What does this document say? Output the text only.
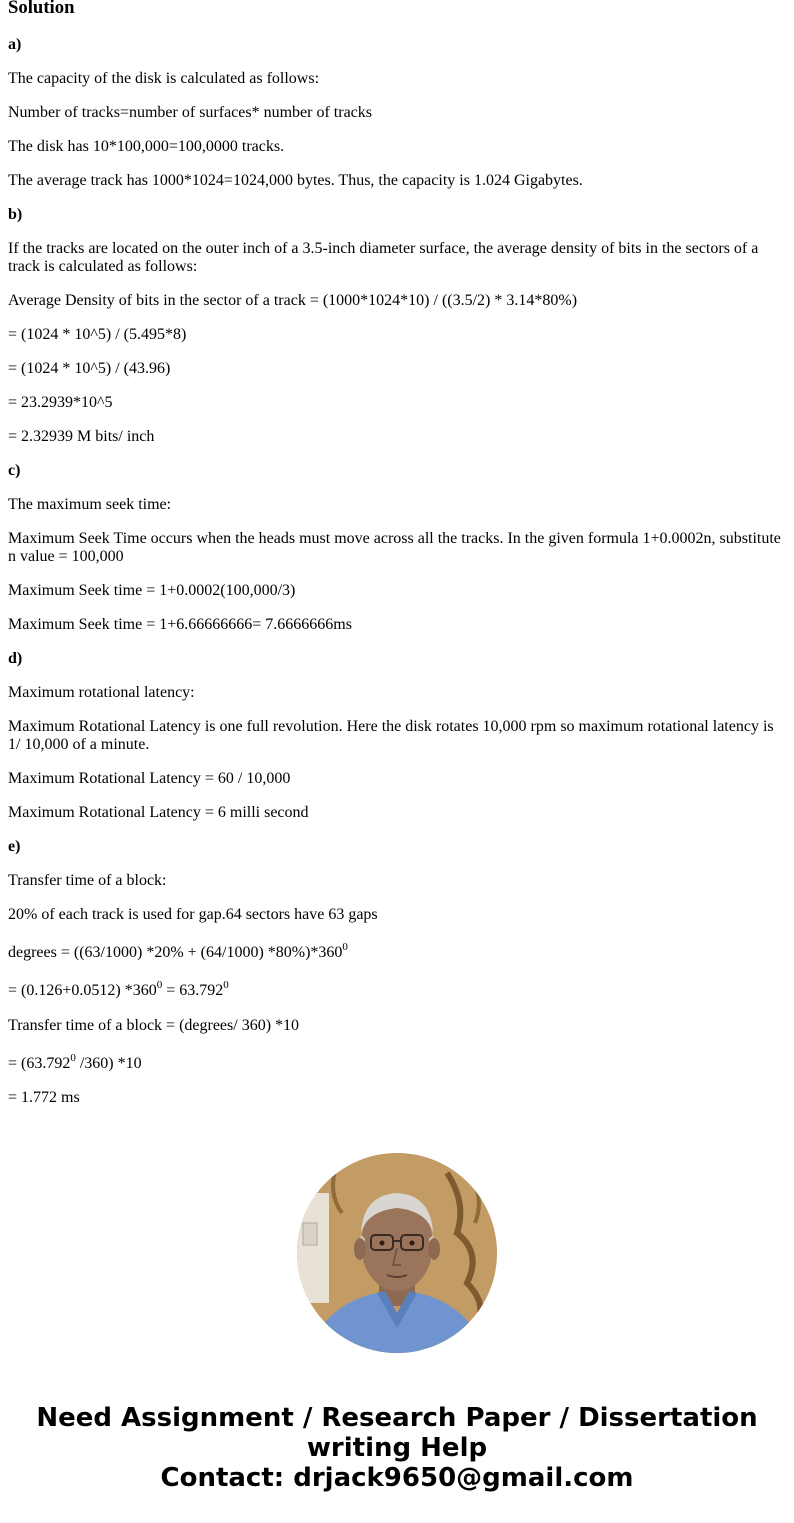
Solution

a)

The capacity of the disk is calculated as follows:

Number of tracks=number of surfaces* number of tracks

The disk has 10*100,000=100,0000 tracks.

The average track has 1000*1024=1024,000 bytes. Thus, the capacity is 1.024 Gigabytes.

b)

If the tracks are located on the outer inch of a 3.5-inch diameter surface, the average density of bits in the sectors of a track is calculated as follows:

Average Density of bits in the sector of a track = (1000*1024*10) / ((3.5/2) * 3.14*80%)

= (1024 * 10^5) / (5.495*8)

= (1024 * 10^5) / (43.96)

= 23.2939*10^5

= 2.32939 M bits/ inch

c)

The maximum seek time:

Maximum Seek Time occurs when the heads must move across all the tracks. In the given formula 1+0.0002n, substitute n value = 100,000

Maximum Seek time = 1+0.0002(100,000/3)

Maximum Seek time = 1+6.66666666= 7.6666666ms

d)

Maximum rotational latency:

Maximum Rotational Latency is one full revolution. Here the disk rotates 10,000 rpm so maximum rotational latency is 1/ 10,000 of a minute.

Maximum Rotational Latency = 60 / 10,000

Maximum Rotational Latency = 6 milli second

e)

Transfer time of a block:

20% of each track is used for gap.64 sectors have 63 gaps

degrees = ((63/1000) *20% + (64/1000) $*80\%)*360^0$

= (0.126+0.0512) $*360^0 = 63.792^0$

Transfer time of a block = (degrees/ 360) *10

= ($63.792^0$ /360) *10

= 1.772 ms

Need Assignment / Research Paper / Dissertation
writing Help
Contact: drjack9650@gmail.com
